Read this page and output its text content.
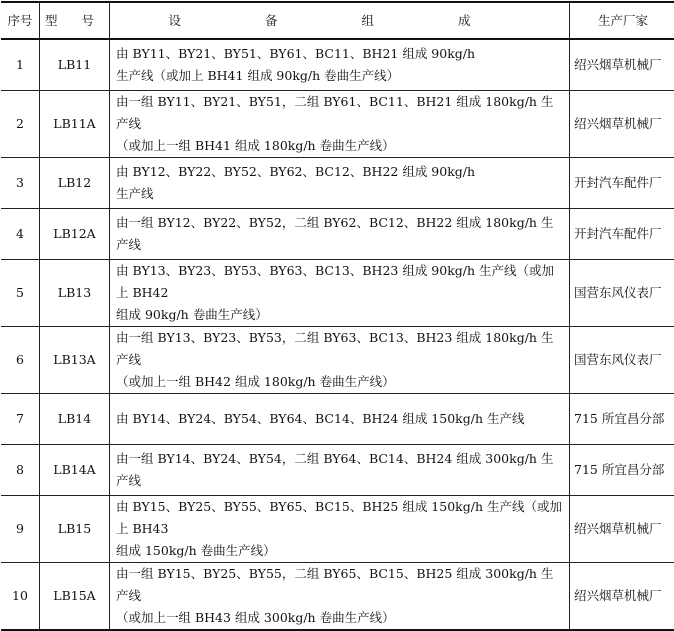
序号	型 号	设 备 组 成	生产厂家
1	LB11	由 BY11、BY21、BY51、BY61、BC11、BH21 组成 90kg/h
生产线（或加上 BH41 组成 90kg/h 卷曲生产线）	绍兴烟草机械厂
2	LB11A	由一组 BY11、BY21、BY51，二组 BY61、BC11、BH21 组成 180kg/h 生产线
（或加上一组 BH41 组成 180kg/h 卷曲生产线）	绍兴烟草机械厂
3	LB12	由 BY12、BY22、BY52、BY62、BC12、BH22 组成 90kg/h
生产线	开封汽车配件厂
4	LB12A	由一组 BY12、BY22、BY52，二组 BY62、BC12、BH22 组成 180kg/h 生产线	开封汽车配件厂
5	LB13	由 BY13、BY23、BY53、BY63、BC13、BH23 组成 90kg/h 生产线（或加上 BH42
组成 90kg/h 卷曲生产线）	国营东风仪表厂
6	LB13A	由一组 BY13、BY23、BY53，二组 BY63、BC13、BH23 组成 180kg/h 生产线
（或加上一组 BH42 组成 180kg/h 卷曲生产线）	国营东风仪表厂
7	LB14	由 BY14、BY24、BY54、BY64、BC14、BH24 组成 150kg/h 生产线	715 所宜昌分部
8	LB14A	由一组 BY14、BY24、BY54，二组 BY64、BC14、BH24 组成 300kg/h 生产线	715 所宜昌分部
9	LB15	由 BY15、BY25、BY55、BY65、BC15、BH25 组成 150kg/h 生产线（或加上 BH43
组成 150kg/h 卷曲生产线）	绍兴烟草机械厂
10	LB15A	由一组 BY15、BY25、BY55，二组 BY65、BC15、BH25 组成 300kg/h 生产线
（或加上一组 BH43 组成 300kg/h 卷曲生产线）	绍兴烟草机械厂
